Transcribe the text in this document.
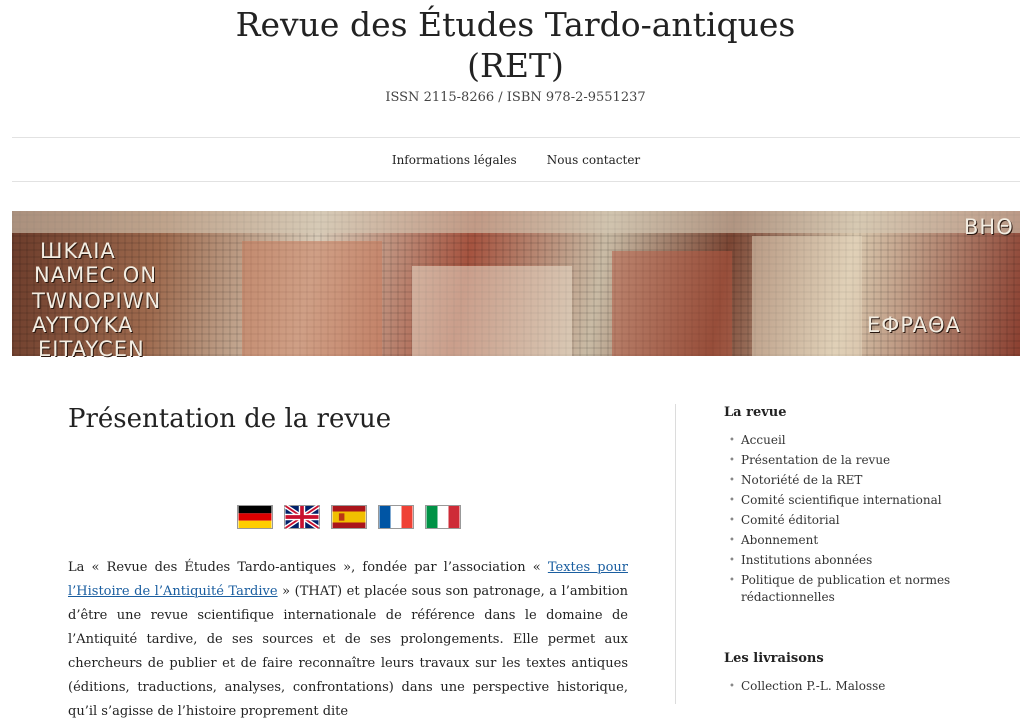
Revue des Études Tardo-antiques
(RET)
ISSN 2115-8266 / ISBN 978-2-9551237
Informations légales	Nous contacter
ШKAIA
NAMEC ON
TWNOPIWN
AYTOYKA
EITAYCEN
EФPAΘA
BHΘ
Présentation de la revue

La « Revue des Études Tardo-antiques », fondée par l’association « Textes pour l’Histoire de l’Antiquité Tardive » (THAT) et placée sous son patronage, a l’ambition d’être une revue scientifique internationale de référence dans le domaine de l’Antiquité tardive, de ses sources et de ses prolongements. Elle permet aux chercheurs de publier et de faire reconnaître leurs travaux sur les textes antiques (éditions, traductions, analyses, confrontations) dans une perspective historique, qu’il s’agisse de l’histoire proprement dite

La revue
• Accueil
• Présentation de la revue
• Notoriété de la RET
• Comité scientifique international
• Comité éditorial
• Abonnement
• Institutions abonnées
• Politique de publication et normes rédactionnelles
Les livraisons
• Collection P.-L. Malosse
